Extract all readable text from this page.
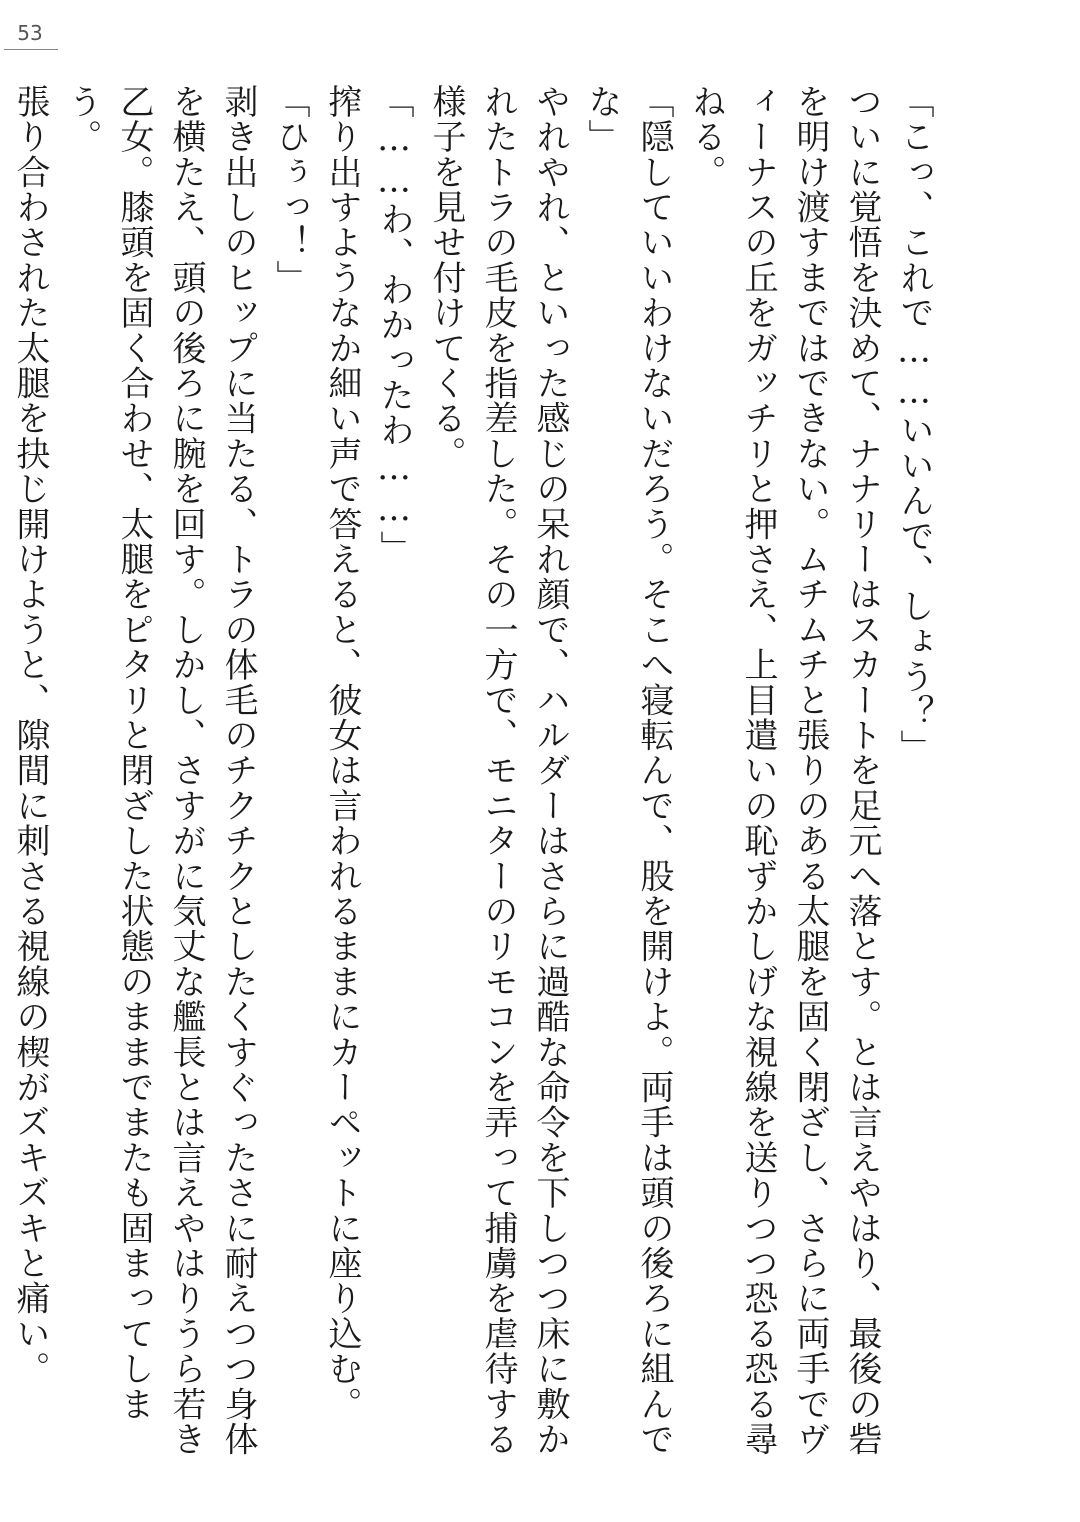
53

「こっ、これで……いいんで、しょう？」

ついに覚悟を決めて、ナナリーはスカートを足元へ落とす。とは言えやはり、最後の砦を明け渡すまではできない。ムチムチと張りのある太腿を固く閉ざし、さらに両手でヴィーナスの丘をガッチリと押さえ、上目遣いの恥ずかしげな視線を送りつつ恐る恐る尋ねる。

「隠していいわけないだろう。そこへ寝転んで、股を開けよ。両手は頭の後ろに組んでな」

やれやれ、といった感じの呆れ顔で、ハルダーはさらに過酷な命令を下しつつ床に敷かれたトラの毛皮を指差した。その一方で、モニターのリモコンを弄って捕虜を虐待する様子を見せ付けてくる。

「……わ、わかったわ……」

搾り出すようなか細い声で答えると、彼女は言われるままにカーペットに座り込む。

「ひぅっ！」

剥き出しのヒップに当たる、トラの体毛のチクチクとしたくすぐったさに耐えつつ身体を横たえ、頭の後ろに腕を回す。しかし、さすがに気丈な艦長とは言えやはりうら若き乙女。膝頭を固く合わせ、太腿をピタリと閉ざした状態のままでまたも固まってしまう。

張り合わされた太腿を抉じ開けようと、隙間に刺さる視線の楔がズキズキと痛い。
